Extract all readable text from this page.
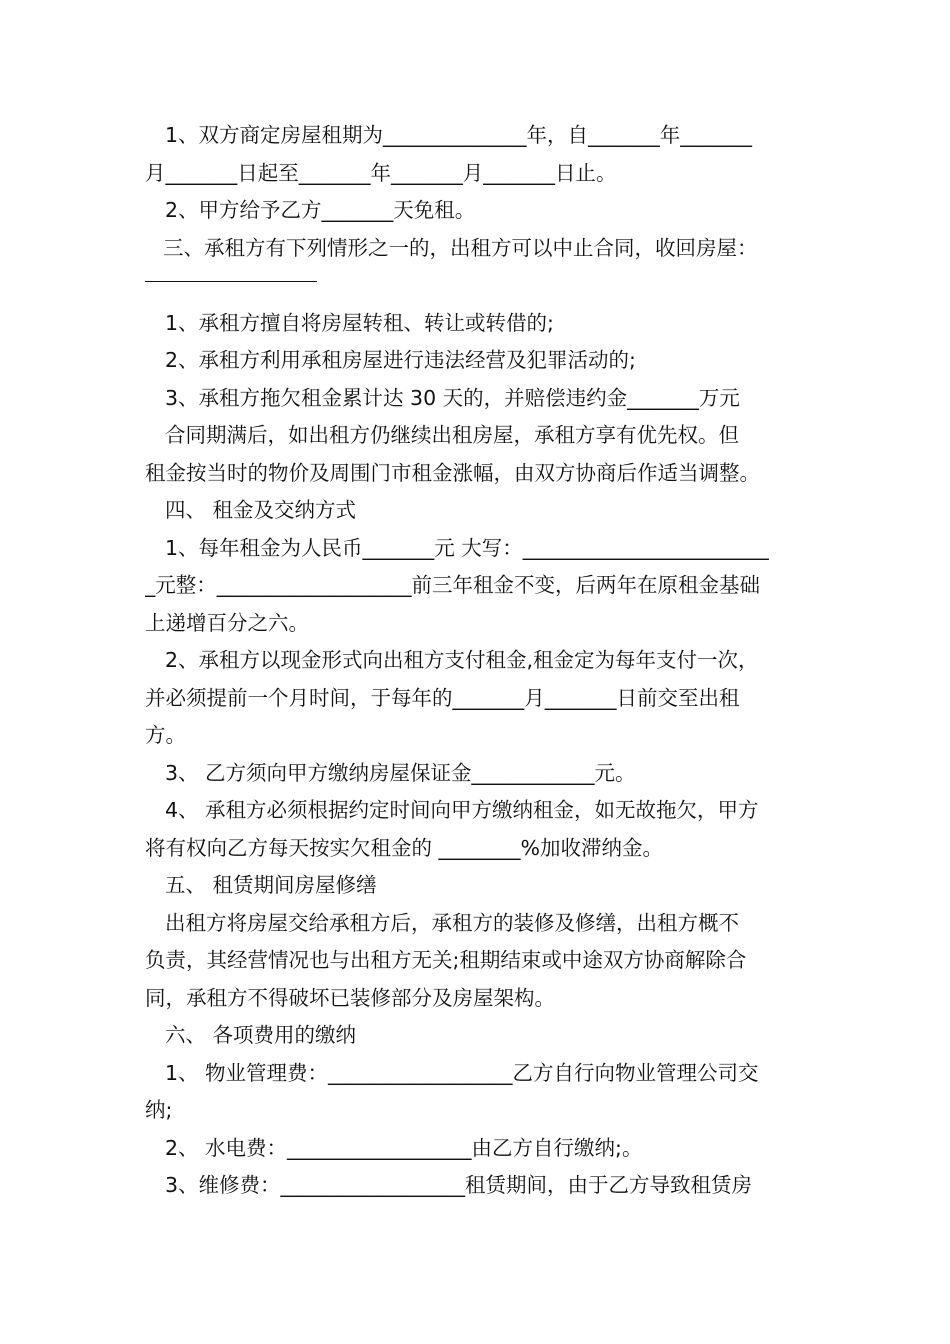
1、双方商定房屋租期为______________年，自_______年_______
月_______日起至_______年_______月_______日止。
2、甲方给予乙方_______天免租。
三、承租方有下列情形之一的，出租方可以中止合同，收回房屋：
1、承租方擅自将房屋转租、转让或转借的;
2、承租方利用承租房屋进行违法经营及犯罪活动的;
3、承租方拖欠租金累计达 30 天的，并赔偿违约金_______万元
合同期满后，如出租方仍继续出租房屋，承租方享有优先权。但
租金按当时的物价及周围门市租金涨幅，由双方协商后作适当调整。
四、 租金及交纳方式
1、每年租金为人民币_______元 大写：________________________
_元整：___________________前三年租金不变，后两年在原租金基础
上递增百分之六。
2、承租方以现金形式向出租方支付租金,租金定为每年支付一次，
并必须提前一个月时间，于每年的_______月_______日前交至出租
方。
3、 乙方须向甲方缴纳房屋保证金____________元。
4、 承租方必须根据约定时间向甲方缴纳租金，如无故拖欠，甲方
将有权向乙方每天按实欠租金的 ________%加收滞纳金。
五、 租赁期间房屋修缮
出租方将房屋交给承租方后，承租方的装修及修缮，出租方概不
负责，其经营情况也与出租方无关;租期结束或中途双方协商解除合
同，承租方不得破坏已装修部分及房屋架构。
六、 各项费用的缴纳
1、 物业管理费：__________________乙方自行向物业管理公司交
纳;
2、 水电费：__________________由乙方自行缴纳;。
3、维修费：__________________租赁期间，由于乙方导致租赁房
